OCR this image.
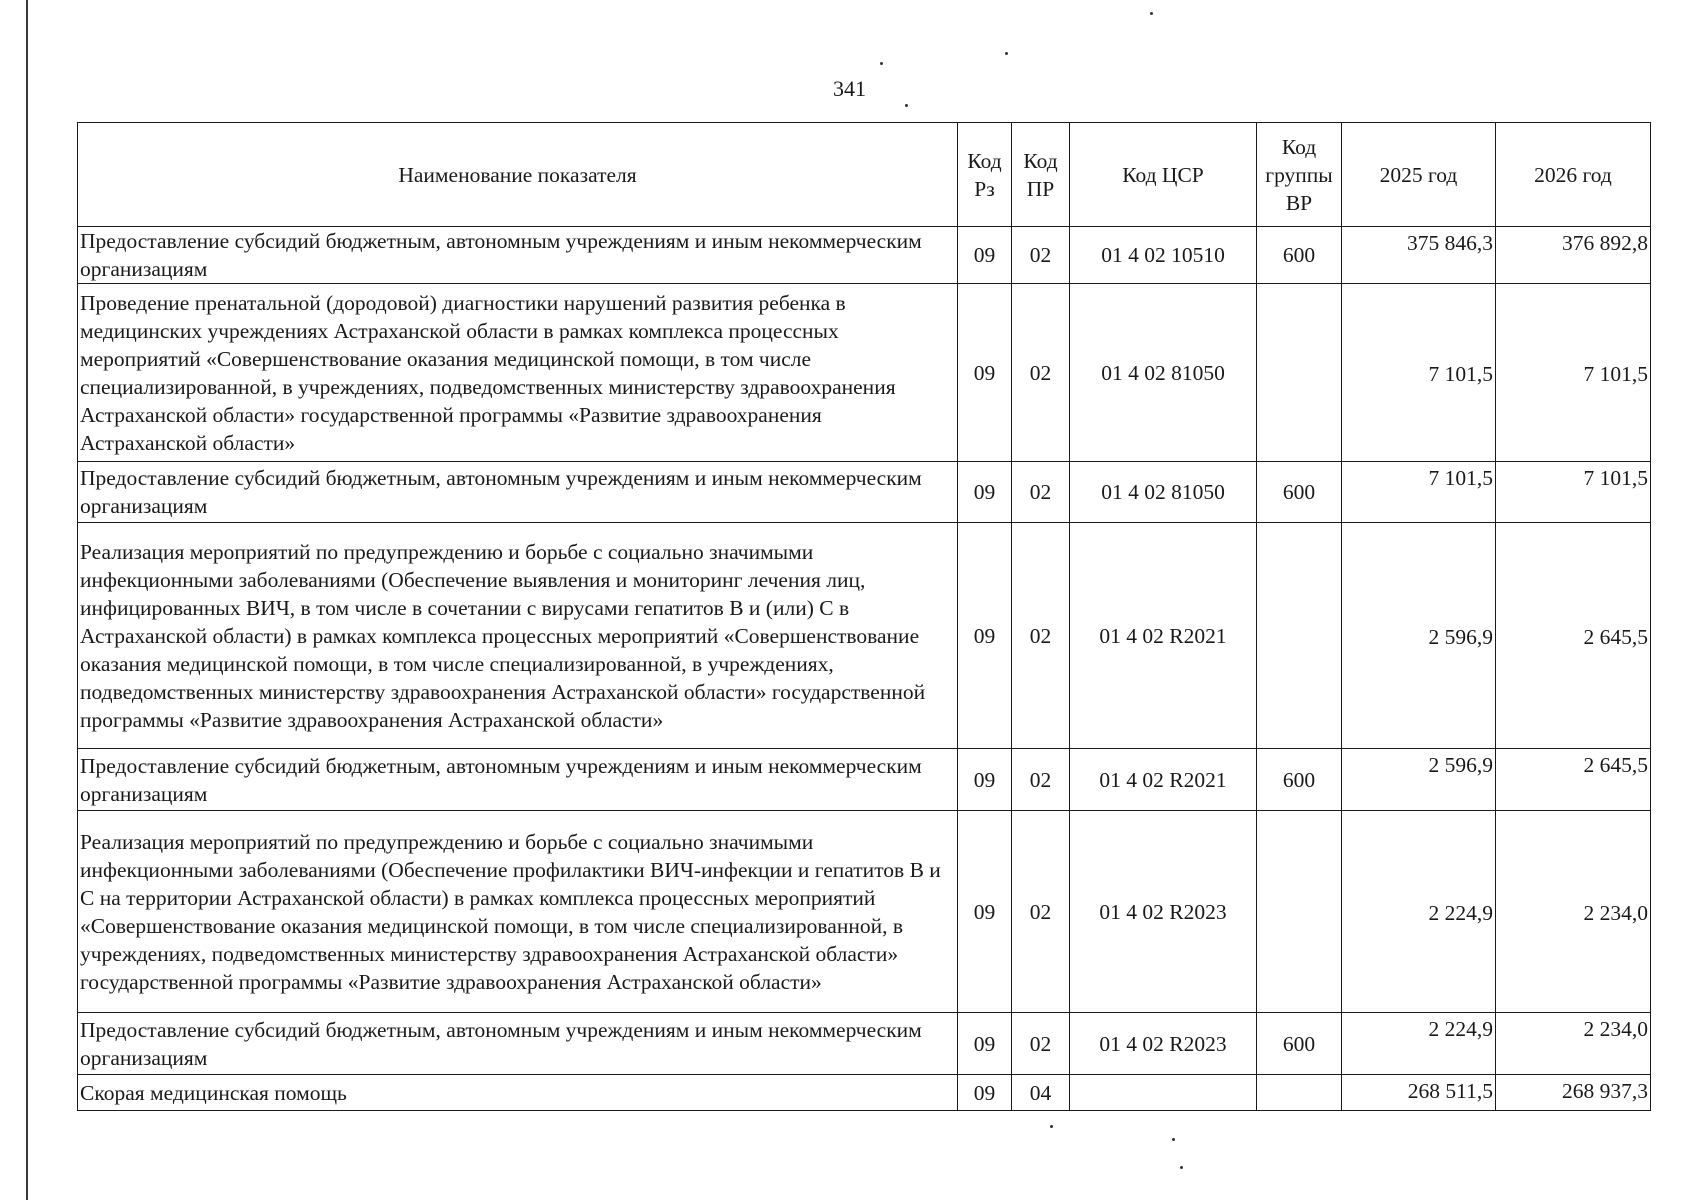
341
Наименование показателя	Код Рз	Код ПР	Код ЦСР	Код группы ВР	2025 год	2026 год
Предоставление субсидий бюджетным, автономным учреждениям и иным некоммерческим организациям	09	02	01 4 02 10510	600	375 846,3	376 892,8
Проведение пренатальной (дородовой) диагностики нарушений развития ребенка в медицинских учреждениях Астраханской области в рамках комплекса процессных мероприятий «Совершенствование оказания медицинской помощи, в том числе специализированной, в учреждениях, подведомственных министерству здравоохранения Астраханской области» государственной программы «Развитие здравоохранения Астраханской области»	09	02	01 4 02 81050		7 101,5	7 101,5
Предоставление субсидий бюджетным, автономным учреждениям и иным некоммерческим организациям	09	02	01 4 02 81050	600	7 101,5	7 101,5
Реализация мероприятий по предупреждению и борьбе с социально значимыми инфекционными заболеваниями (Обеспечение выявления и мониторинг лечения лиц, инфицированных ВИЧ, в том числе в сочетании с вирусами гепатитов B и (или) C в Астраханской области) в рамках комплекса процессных мероприятий «Совершенствование оказания медицинской помощи, в том числе специализированной, в учреждениях, подведомственных министерству здравоохранения Астраханской области» государственной программы «Развитие здравоохранения Астраханской области»	09	02	01 4 02 R2021		2 596,9	2 645,5
Предоставление субсидий бюджетным, автономным учреждениям и иным некоммерческим организациям	09	02	01 4 02 R2021	600	2 596,9	2 645,5
Реализация мероприятий по предупреждению и борьбе с социально значимыми инфекционными заболеваниями (Обеспечение профилактики ВИЧ-инфекции и гепатитов B и C на территории Астраханской области) в рамках комплекса процессных мероприятий «Совершенствование оказания медицинской помощи, в том числе специализированной, в учреждениях, подведомственных министерству здравоохранения Астраханской области» государственной программы «Развитие здравоохранения Астраханской области»	09	02	01 4 02 R2023		2 224,9	2 234,0
Предоставление субсидий бюджетным, автономным учреждениям и иным некоммерческим организациям	09	02	01 4 02 R2023	600	2 224,9	2 234,0
Скорая медицинская помощь	09	04			268 511,5	268 937,3
